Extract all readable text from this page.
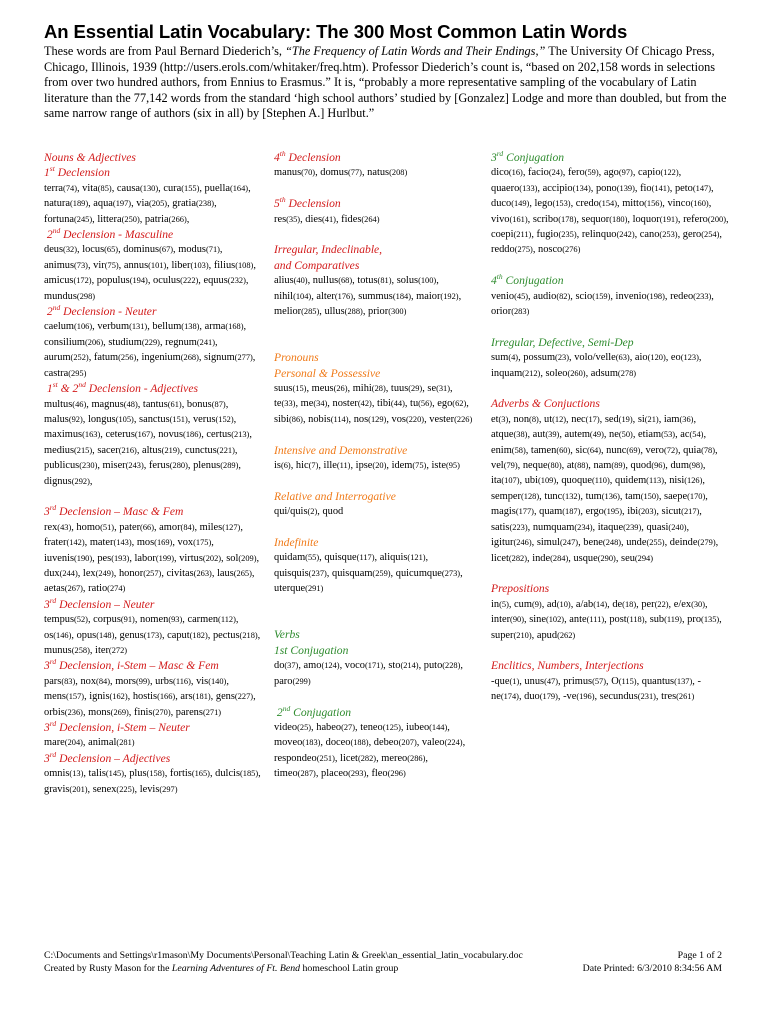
An Essential Latin Vocabulary: The 300 Most Common Latin Words
These words are from Paul Bernard Diederich’s, “The Frequency of Latin Words and Their Endings,” The University Of Chicago Press, Chicago, Illinois, 1939 (http://users.erols.com/whitaker/freq.htm). Professor Diederich’s count is, “based on 202,158 words in selections from over two hundred authors, from Ennius to Erasmus.” It is, “probably a more representative sampling of the vocabulary of Latin literature than the 77,142 words from the standard ‘high school authors’ studied by [Gonzalez] Lodge and more than doubled, but from the same narrow range of authors (six in all) by [Stephen A.] Hurlbut.”

Nouns & Adjectives

1st Declension

terra(74), vita(85), causa(130), cura(155), puella(164), natura(189), aqua(197), via(205), gratia(238), fortuna(245), littera(250), patria(266),

2nd Declension - Masculine

deus(32), locus(65), dominus(67), modus(71), animus(73), vir(75), annus(101), liber(103), filius(108), amicus(172), populus(194), oculus(222), equus(232), mundus(298)

2nd Declension - Neuter

caelum(106), verbum(131), bellum(138), arma(168), consilium(206), studium(229), regnum(241), aurum(252), fatum(256), ingenium(268), signum(277), castra(295)

1st & 2nd Declension - Adjectives

multus(46), magnus(48), tantus(61), bonus(87), malus(92), longus(105), sanctus(151), verus(152), maximus(163), ceterus(167), novus(186), certus(213), medius(215), sacer(216), altus(219), cunctus(221), publicus(230), miser(243), ferus(280), plenus(289), dignus(292),

3rd Declension – Masc & Fem

rex(43), homo(51), pater(66), amor(84), miles(127), frater(142), mater(143), mos(169), vox(175), iuvenis(190), pes(193), labor(199), virtus(202), sol(209), dux(244), lex(249), honor(257), civitas(263), laus(265), aetas(267), ratio(274)

3rd Declension – Neuter

tempus(52), corpus(91), nomen(93), carmen(112), os(146), opus(148), genus(173), caput(182), pectus(218), munus(258), iter(272)

3rd Declension, i-Stem – Masc & Fem

pars(83), nox(84), mors(99), urbs(116), vis(140), mens(157), ignis(162), hostis(166), ars(181), gens(227), orbis(236), mons(269), finis(270), parens(271)

3rd Declension, i-Stem – Neuter

mare(204), animal(281)

3rd Declension – Adjectives

omnis(13), talis(145), plus(158), fortis(165), dulcis(185), gravis(201), senex(225), levis(297)

4th Declension

manus(70), domus(77), natus(208)

5th Declension

res(35), dies(41), fides(264)

Irregular, Indeclinable,

and Comparatives

alius(40), nullus(68), totus(81), solus(100), nihil(104), alter(176), summus(184), maior(192), melior(285), ullus(288), prior(300)

Pronouns

Personal & Possessive

suus(15), meus(26), mihi(28), tuus(29), se(31), te(33), me(34), noster(42), tibi(44), tu(56), ego(62), sibi(86), nobis(114), nos(129), vos(220), vester(226)

Intensive and Demonstrative

is(6), hic(7), ille(11), ipse(20), idem(75), iste(95)

Relative and Interrogative

qui/quis(2), quod

Indefinite

quidam(55), quisque(117), aliquis(121), quisquis(237), quisquam(259), quicumque(273), uterque(291)

Verbs

1st Conjugation

do(37), amo(124), voco(171), sto(214), puto(228), paro(299)

2nd Conjugation

video(25), habeo(27), teneo(125), iubeo(144), moveo(183), doceo(188), debeo(207), valeo(224), respondeo(251), licet(282), mereo(286), timeo(287), placeo(293), fleo(296)

3rd Conjugation

dico(16), facio(24), fero(59), ago(97), capio(122), quaero(133), accipio(134), pono(139), fio(141), peto(147), duco(149), lego(153), credo(154), mitto(156), vinco(160), vivo(161), scribo(178), sequor(180), loquor(191), refero(200), coepi(211), fugio(235), relinquo(242), cano(253), gero(254), reddo(275), nosco(276)

4th Conjugation

venio(45), audio(82), scio(159), invenio(198), redeo(233), orior(283)

Irregular, Defective, Semi-Dep

sum(4), possum(23), volo/velle(63), aio(120), eo(123), inquam(212), soleo(260), adsum(278)

Adverbs & Conjuctions

et(3), non(8), ut(12), nec(17), sed(19), si(21), iam(36), atque(38), aut(39), autem(49), ne(50), etiam(53), ac(54), enim(58), tamen(60), sic(64), nunc(69), vero(72), quia(78), vel(79), neque(80), at(88), nam(89), quod(96), dum(98), ita(107), ubi(109), quoque(110), quidem(113), nisi(126), semper(128), tunc(132), tum(136), tam(150), saepe(170), magis(177), quam(187), ergo(195), ibi(203), sicut(217), satis(223), numquam(234), itaque(239), quasi(240), igitur(246), simul(247), bene(248), unde(255), deinde(279), licet(282), inde(284), usque(290), seu(294)

Prepositions

in(5), cum(9), ad(10), a/ab(14), de(18), per(22), e/ex(30), inter(90), sine(102), ante(111), post(118), sub(119), pro(135), super(210), apud(262)

Enclitics, Numbers, Interjections

-que(1), unus(47), primus(57), O(115), quantus(137), -ne(174), duo(179), -ve(196), secundus(231), tres(261)

C:\Documents and Settings\r1mason\My Documents\Personal\Teaching Latin & Greek\an_essential_latin_vocabulary.doc
Created by Rusty Mason for the Learning Adventures of Ft. Bend homeschool Latin group
Page 1 of 2
Date Printed: 6/3/2010 8:34:56 AM
